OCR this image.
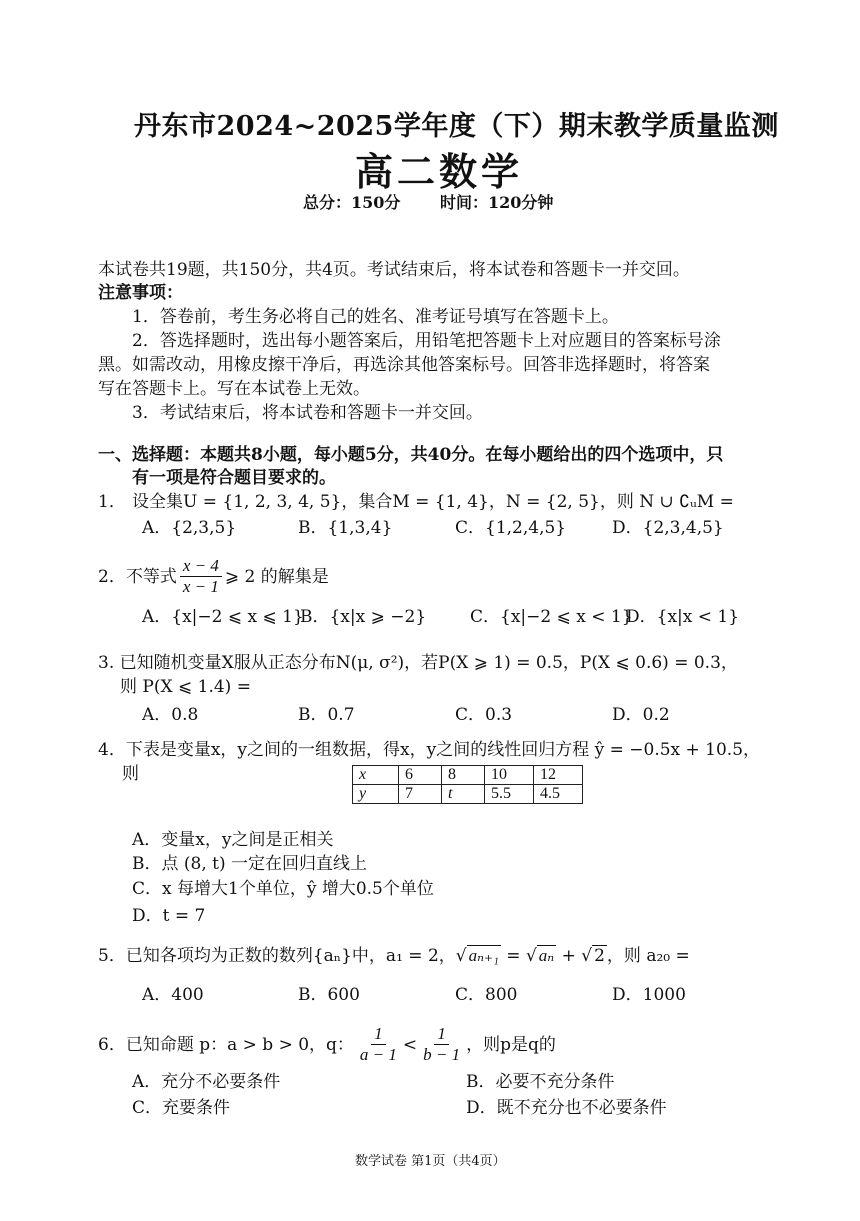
丹东市2024~2025学年度（下）期末教学质量监测
高二数学
总分：150分 时间：120分钟
本试卷共19题，共150分，共4页。考试结束后，将本试卷和答题卡一并交回。
注意事项：
1．答卷前，考生务必将自己的姓名、准考证号填写在答题卡上。
2．答选择题时，选出每小题答案后，用铅笔把答题卡上对应题目的答案标号涂
黑。如需改动，用橡皮擦干净后，再选涂其他答案标号。回答非选择题时，将答案
写在答题卡上。写在本试卷上无效。
3．考试结束后，将本试卷和答题卡一并交回。
一、选择题：本题共8小题，每小题5分，共40分。在每小题给出的四个选项中，只
有一项是符合题目要求的。
1． 设全集U = {1, 2, 3, 4, 5}，集合M = {1, 4}，N = {2, 5}，则 N ∪ ∁ᵤM =
A．{2,3,5}	B．{1,3,4}	C．{1,2,4,5}	D．{2,3,4,5}
2．不等式 $\frac{x - 4}{x - 1}$ ⩾ 2 的解集是
A．{x|−2 ⩽ x ⩽ 1}
B．{x|x ⩾ −2}	C．{x|−2 ⩽ x < 1}
D．{x|x < 1}
3. 已知随机变量X服从正态分布N(μ, σ²)，若P(X ⩾ 1) = 0.5，P(X ⩽ 0.6) = 0.3，
则 P(X ⩽ 1.4) =
A．0.8	B．0.7	C．0.3	D．0.2
4．下表是变量x，y之间的一组数据，得x，y之间的线性回归方程 ŷ = −0.5x + 10.5，
则	x	6	8	10	12
y	7	t	5.5	4.5
A．变量x，y之间是正相关
B．点 (8, t) 一定在回归直线上
C．x 每增大1个单位，ŷ 增大0.5个单位
D．t = 7
5．已知各项均为正数的数列{aₙ}中，a₁ = 2，√ aₙ₊₁ = √ aₙ + √ 2 ，则 a₂₀ =
A．400	B．600	C．800	D．1000
6．已知命题 p：a > b > 0，q： $\frac{1}{a - 1} < \frac{1}{b - 1}$ ，则p是q的
A．充分不必要条件	B．必要不充分条件
C．充要条件	D．既不充分也不必要条件
数学试卷 第1页（共4页）
